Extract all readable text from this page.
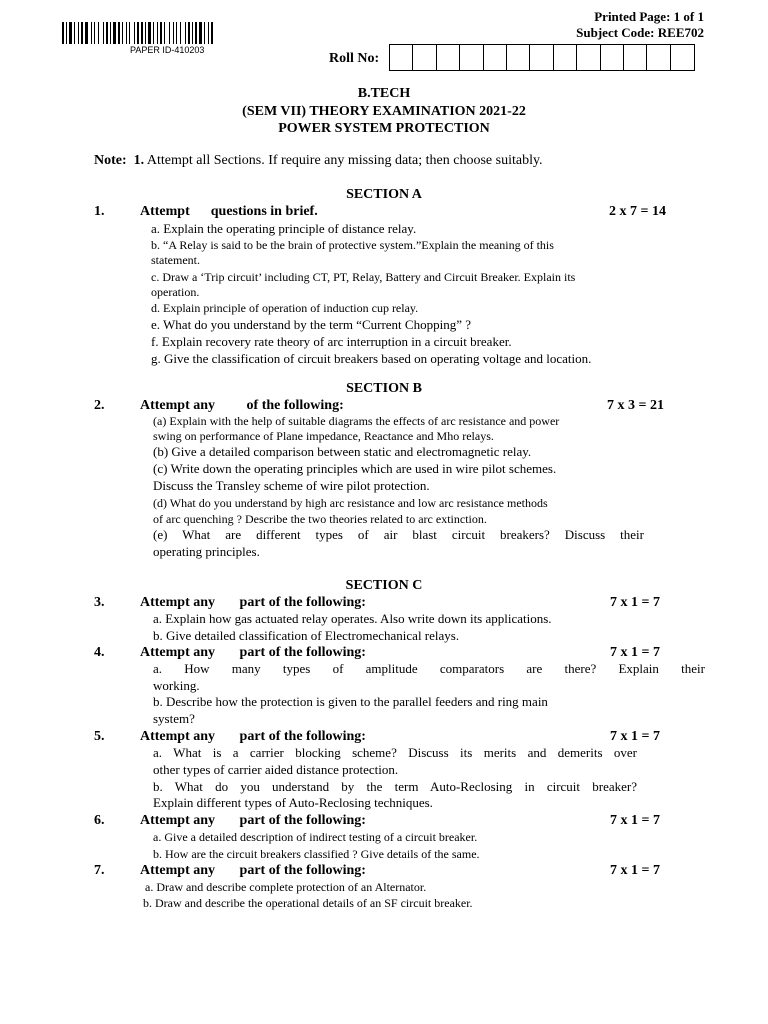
PAPER ID-410203
Printed Page: 1 of 1
Subject Code: REE702
Roll No:
B.TECH
(SEM VII) THEORY EXAMINATION 2021-22
POWER SYSTEM PROTECTION
Note: 1. Attempt all Sections. If require any missing data; then choose suitably.
SECTION A
1.	Attempt      questions in brief.	2 x 7 = 14
a. Explain the operating principle of distance relay.
b. “A Relay is said to be the brain of protective system.”Explain the meaning of this
statement.
c. Draw a ‘Trip circuit’ including CT, PT, Relay, Battery and Circuit Breaker. Explain its
operation.
d. Explain principle of operation of induction cup relay.
e. What do you understand by the term “Current Chopping” ?
f. Explain recovery rate theory of arc interruption in a circuit breaker.
g. Give the classification of circuit breakers based on operating voltage and location.
SECTION B
2.	Attempt any         of the following:	7 x 3 = 21
(a) Explain with the help of suitable diagrams the effects of arc resistance and power
swing on performance of Plane impedance, Reactance and Mho relays.
(b) Give a detailed comparison between static and electromagnetic relay.
(c) Write down the operating principles which are used in wire pilot schemes.
Discuss the Transley scheme of wire pilot protection.
(d) What do you understand by high arc resistance and low arc resistance methods
of arc quenching ? Describe the two theories related to arc extinction.
(e) What are different types of air blast circuit breakers? Discuss their
operating principles.
SECTION C
3.	Attempt any       part of the following:	7 x 1 = 7
a. Explain how gas actuated relay operates. Also write down its applications.
b. Give detailed classification of Electromechanical relays.
4.	Attempt any       part of the following:	7 x 1 = 7
a. How many types of amplitude comparators are there? Explain their
working.
b. Describe how the protection is given to the parallel feeders and ring main
system?
5.	Attempt any       part of the following:	7 x 1 = 7
a. What is a carrier blocking scheme? Discuss its merits and demerits over
other types of carrier aided distance protection.
b. What do you understand by the term Auto-Reclosing in circuit breaker?
Explain different types of Auto-Reclosing techniques.
6.	Attempt any       part of the following:	7 x 1 = 7
a. Give a detailed description of indirect testing of a circuit breaker.
b. How are the circuit breakers classified ? Give details of the same.
7.	Attempt any       part of the following:	7 x 1 = 7
a. Draw and describe complete protection of an Alternator.
b. Draw and describe the operational details of an SF circuit breaker.
